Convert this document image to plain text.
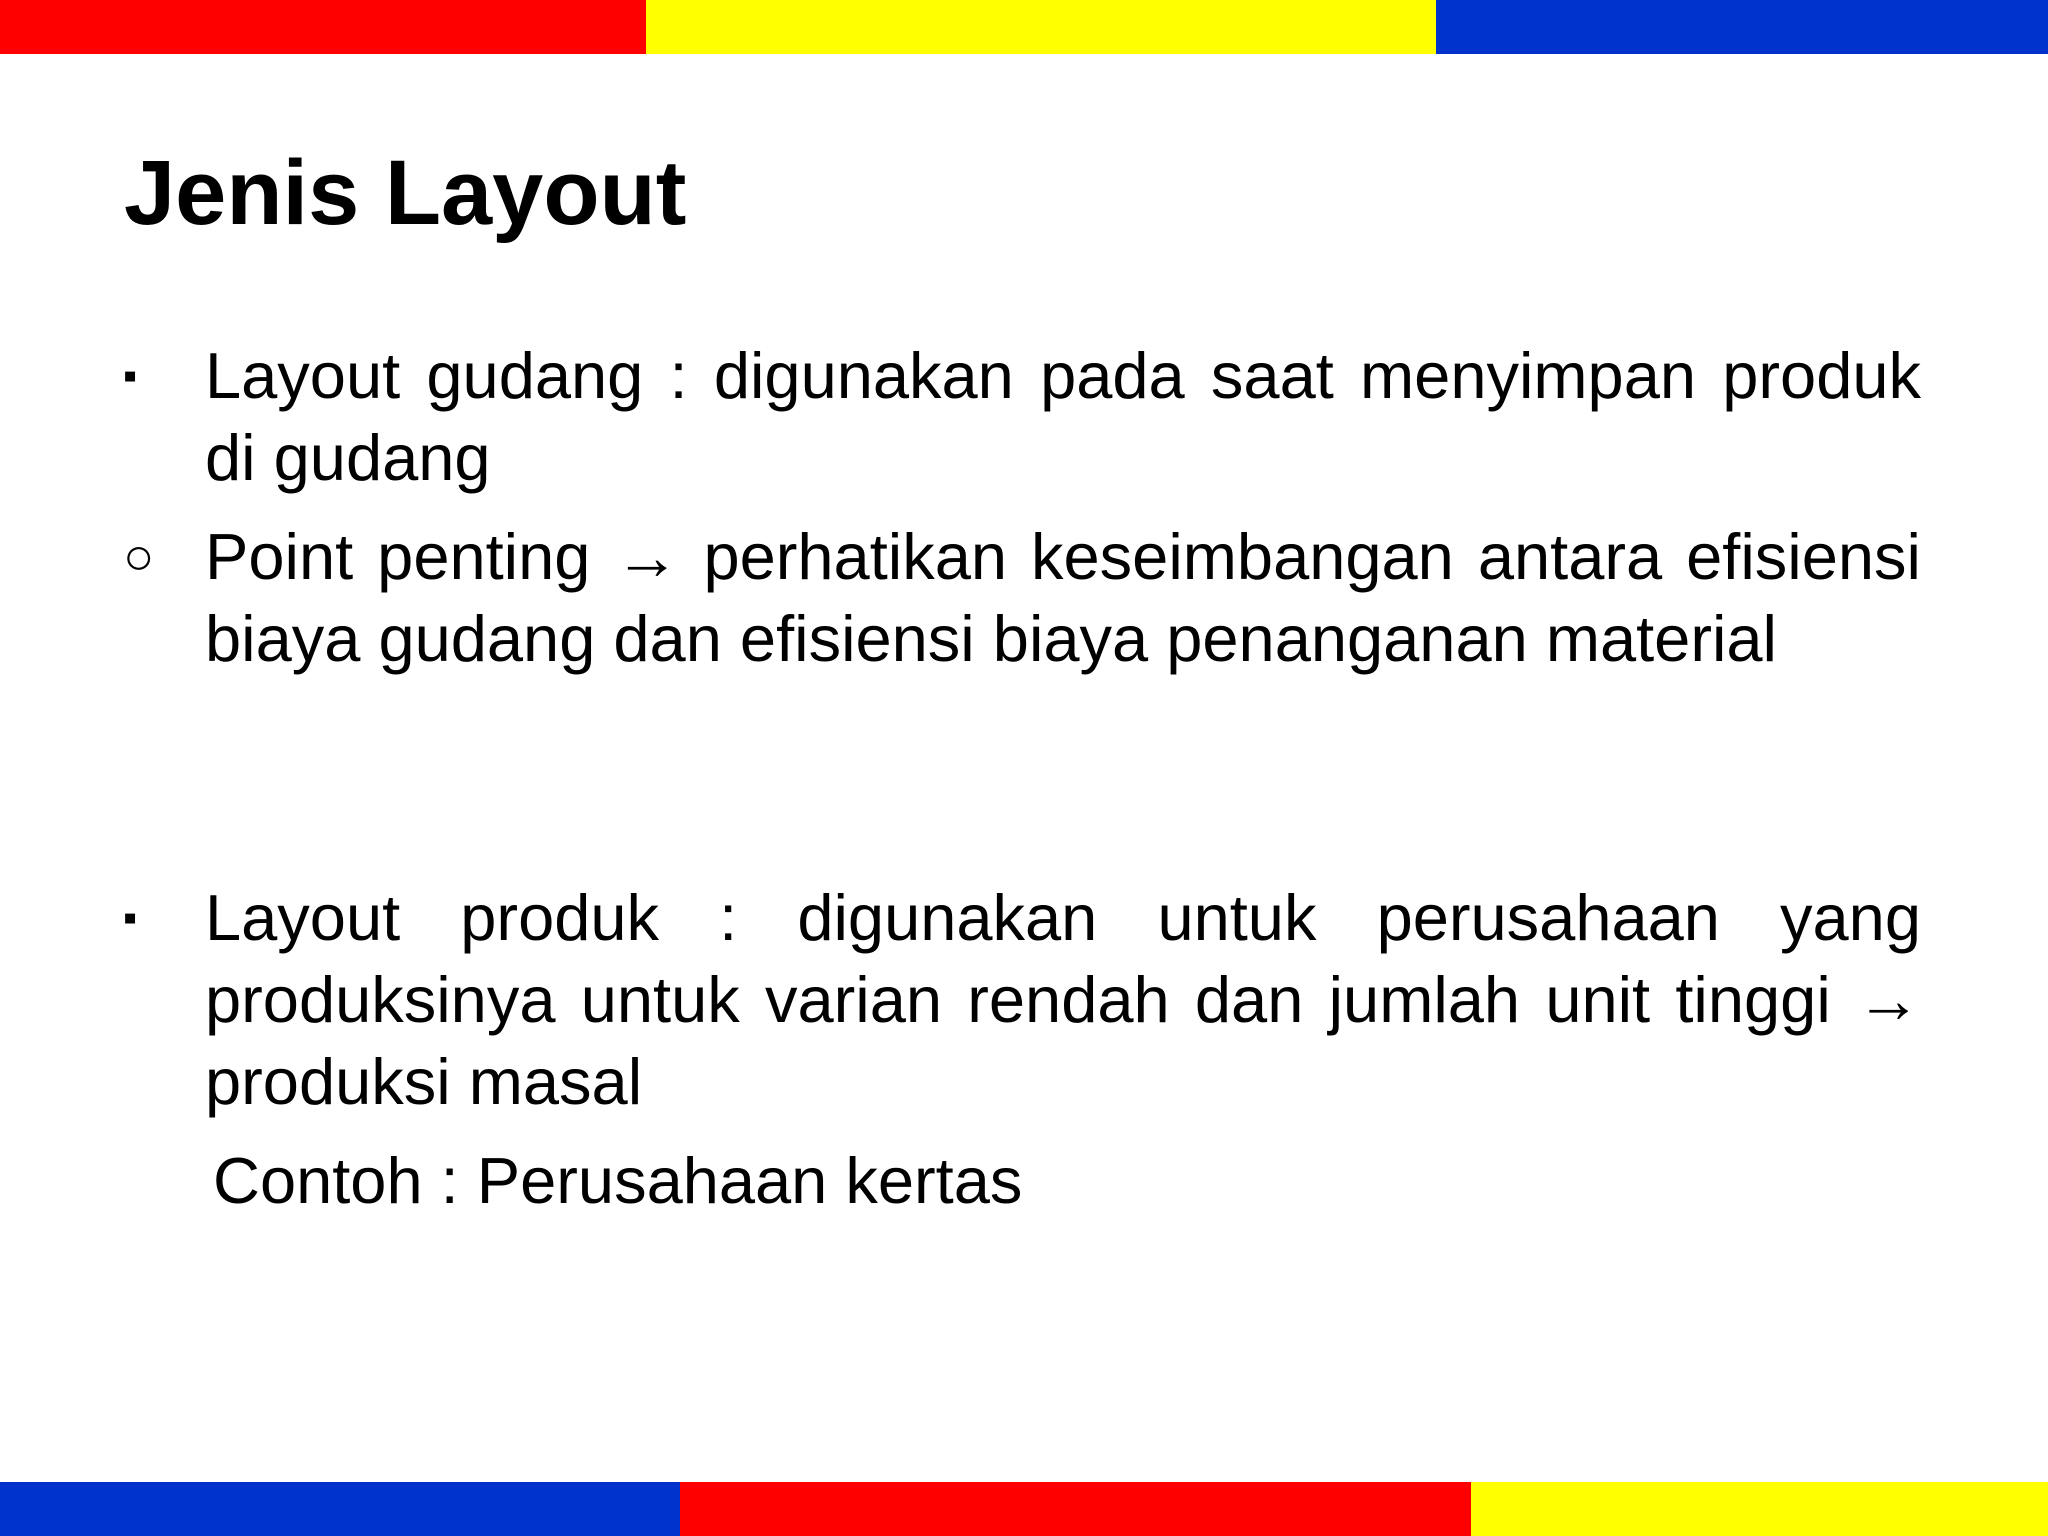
Jenis Layout
▪ Layout gudang : digunakan pada saat menyimpan produk di gudang
○ Point penting → perhatikan keseimbangan antara efisiensi biaya gudang dan efisiensi biaya penanganan material
▪ Layout produk : digunakan untuk perusahaan yang produksinya untuk varian rendah dan jumlah unit tinggi → produksi masal
Contoh : Perusahaan kertas
